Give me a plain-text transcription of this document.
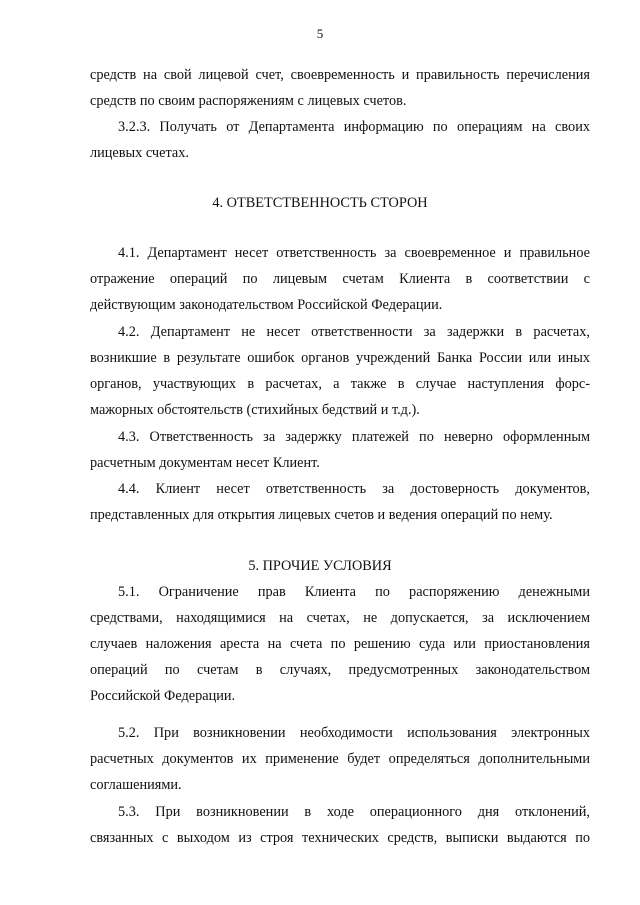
5
средств на свой лицевой счет, своевременность и правильность перечисления
средств по своим распоряжениям с лицевых счетов.
3.2.3. Получать от Департамента информацию по операциям на своих
лицевых счетах.
4. ОТВЕТСТВЕННОСТЬ СТОРОН
4.1. Департамент несет ответственность за своевременное и правильное
отражение операций по лицевым счетам Клиента в соответствии с
действующим законодательством Российской Федерации.
4.2. Департамент не несет ответственности за задержки в расчетах,
возникшие в результате ошибок органов учреждений Банка России или иных
органов, участвующих в расчетах, а также в случае наступления форс-
мажорных обстоятельств (стихийных бедствий и т.д.).
4.3. Ответственность за задержку платежей по неверно оформленным
расчетным документам несет Клиент.
4.4. Клиент несет ответственность за достоверность документов,
представленных для открытия лицевых счетов и ведения операций по нему.
5. ПРОЧИЕ УСЛОВИЯ
5.1. Ограничение прав Клиента по распоряжению денежными
средствами, находящимися на счетах, не допускается, за исключением
случаев наложения ареста на счета по решению суда или приостановления
операций по счетам в случаях, предусмотренных законодательством
Российской Федерации.
5.2. При возникновении необходимости использования электронных
расчетных документов их применение будет определяться дополнительными
соглашениями.
5.3. При возникновении в ходе операционного дня отклонений,
связанных с выходом из строя технических средств, выписки выдаются по
